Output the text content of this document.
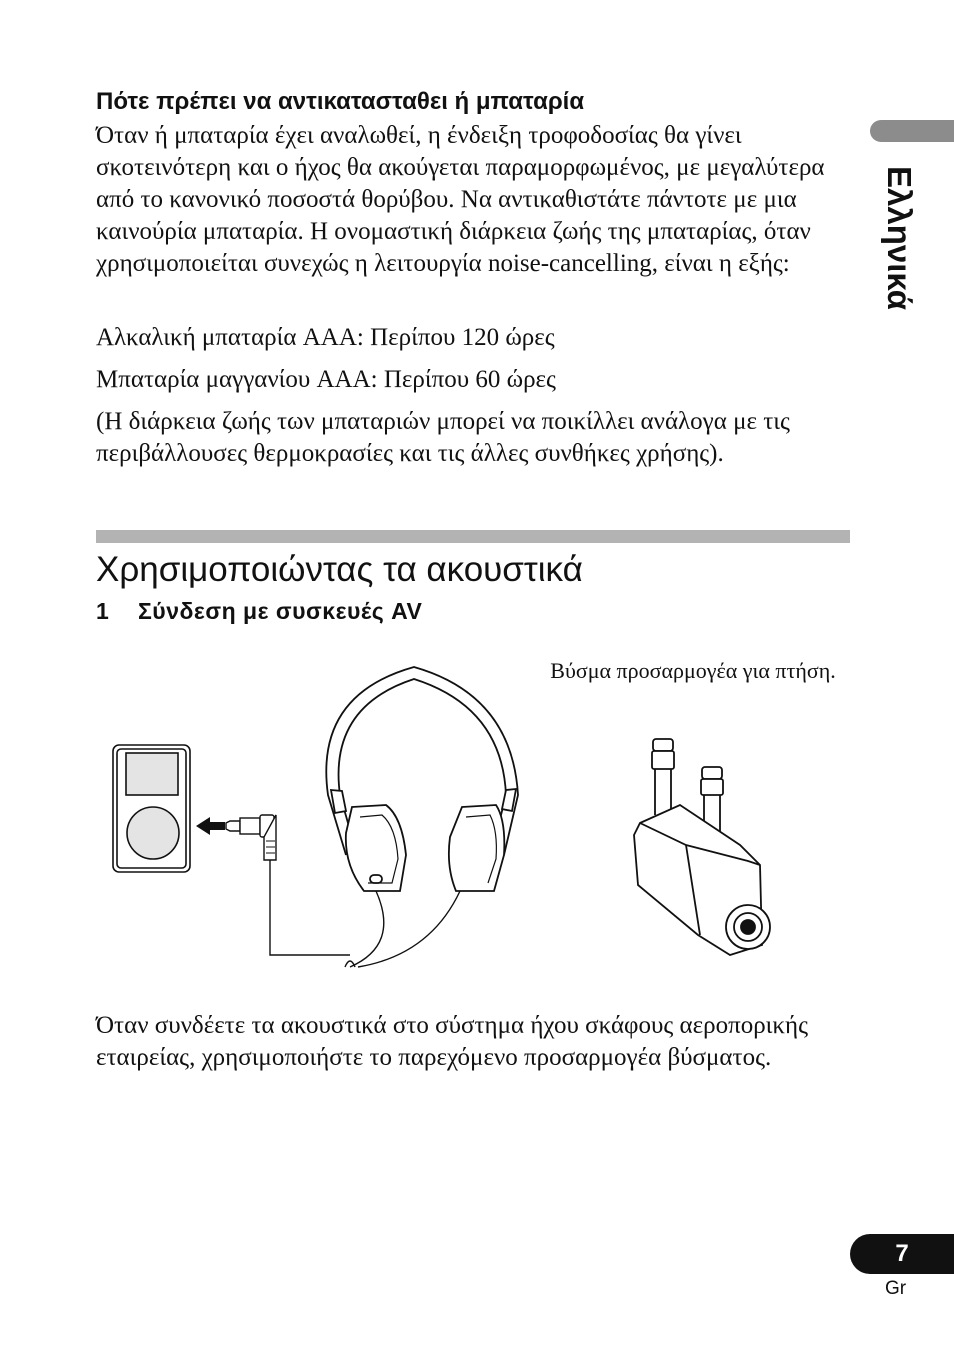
Ελληνικά
Πότε πρέπει να αντικατασταθει ή μπαταρία

Όταν ή μπαταρία έχει αναλωθεί, η ένδειξη τροφοδοσίας θα γίνει σκοτεινότερη και ο ήχος θα ακούγεται παραμορφωμένος, με μεγαλύτερα από το κανονικό ποσοστά θορύβου. Να αντικαθιστάτε πάντοτε με μια καινούρία μπαταρία. Η ονομαστική διάρκεια ζωής της μπαταρίας, όταν χρησιμοποιείται συνεχώς η λειτουργία noise-cancelling, είναι η εξής:

Αλκαλική μπαταρία AAA: Περίπου 120 ώρες

Μπαταρία μαγγανίου AAA: Περίπου 60 ώρες

(Η διάρκεια ζωής των μπαταριών μπορεί να ποικίλλει ανάλογα με τις περιβάλλουσες θερμοκρασίες και τις άλλες συνθήκες χρήσης).

Χρησιμοποιώντας τα ακουστικά
1 Σύνδεση με συσκευές AV

Βύσμα προσαρμογέα για πτήση.

Όταν συνδέετε τα ακουστικά στο σύστημα ήχου σκάφους αεροπορικής εταιρείας, χρησιμοποιήστε το παρεχόμενο προσαρμογέα βύσματος.

7
Gr
